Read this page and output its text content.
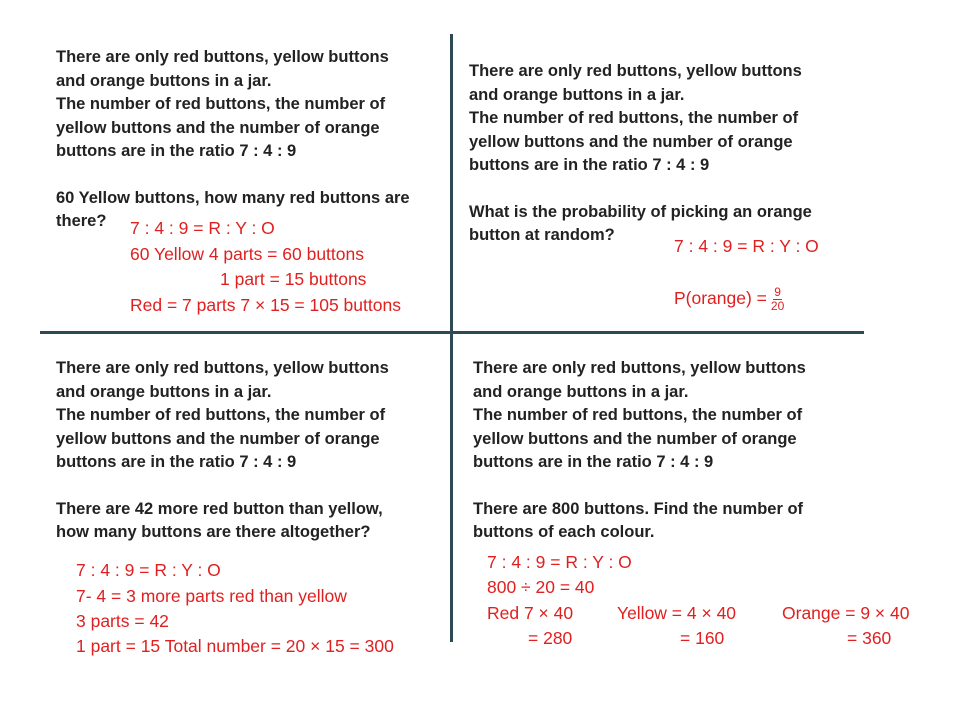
There are only red buttons, yellow buttons
and orange buttons in a jar.
The number of red buttons, the number of
yellow buttons and the number of orange
buttons are in the ratio 7 : 4 : 9
60 Yellow buttons, how many red buttons are
there?	7 : 4 : 9 = R : Y : O
60 Yellow 4 parts = 60 buttons
1 part = 15 buttons
Red = 7 parts 7 × 15 = 105 buttons
There are only red buttons, yellow buttons
and orange buttons in a jar.
The number of red buttons, the number of
yellow buttons and the number of orange
buttons are in the ratio 7 : 4 : 9
What is the probability of picking an orange
button at random?
7 : 4 : 9 = R : Y : O
P(orange) = $\frac{9}{20}$
There are only red buttons, yellow buttons
and orange buttons in a jar.
The number of red buttons, the number of
yellow buttons and the number of orange
buttons are in the ratio 7 : 4 : 9
There are 42 more red button than yellow,
how many buttons are there altogether?
7 : 4 : 9 = R : Y : O
7- 4 = 3 more parts red than yellow
3 parts = 42
1 part = 15 Total number = 20 × 15 = 300
There are only red buttons, yellow buttons
and orange buttons in a jar.
The number of red buttons, the number of
yellow buttons and the number of orange
buttons are in the ratio 7 : 4 : 9
There are 800 buttons. Find the number of
buttons of each colour.
7 : 4 : 9 = R : Y : O
800 ÷ 20 = 40
Red 7 × 40
= 280
Yellow = 4 × 40
= 160
Orange = 9 × 40
= 360
